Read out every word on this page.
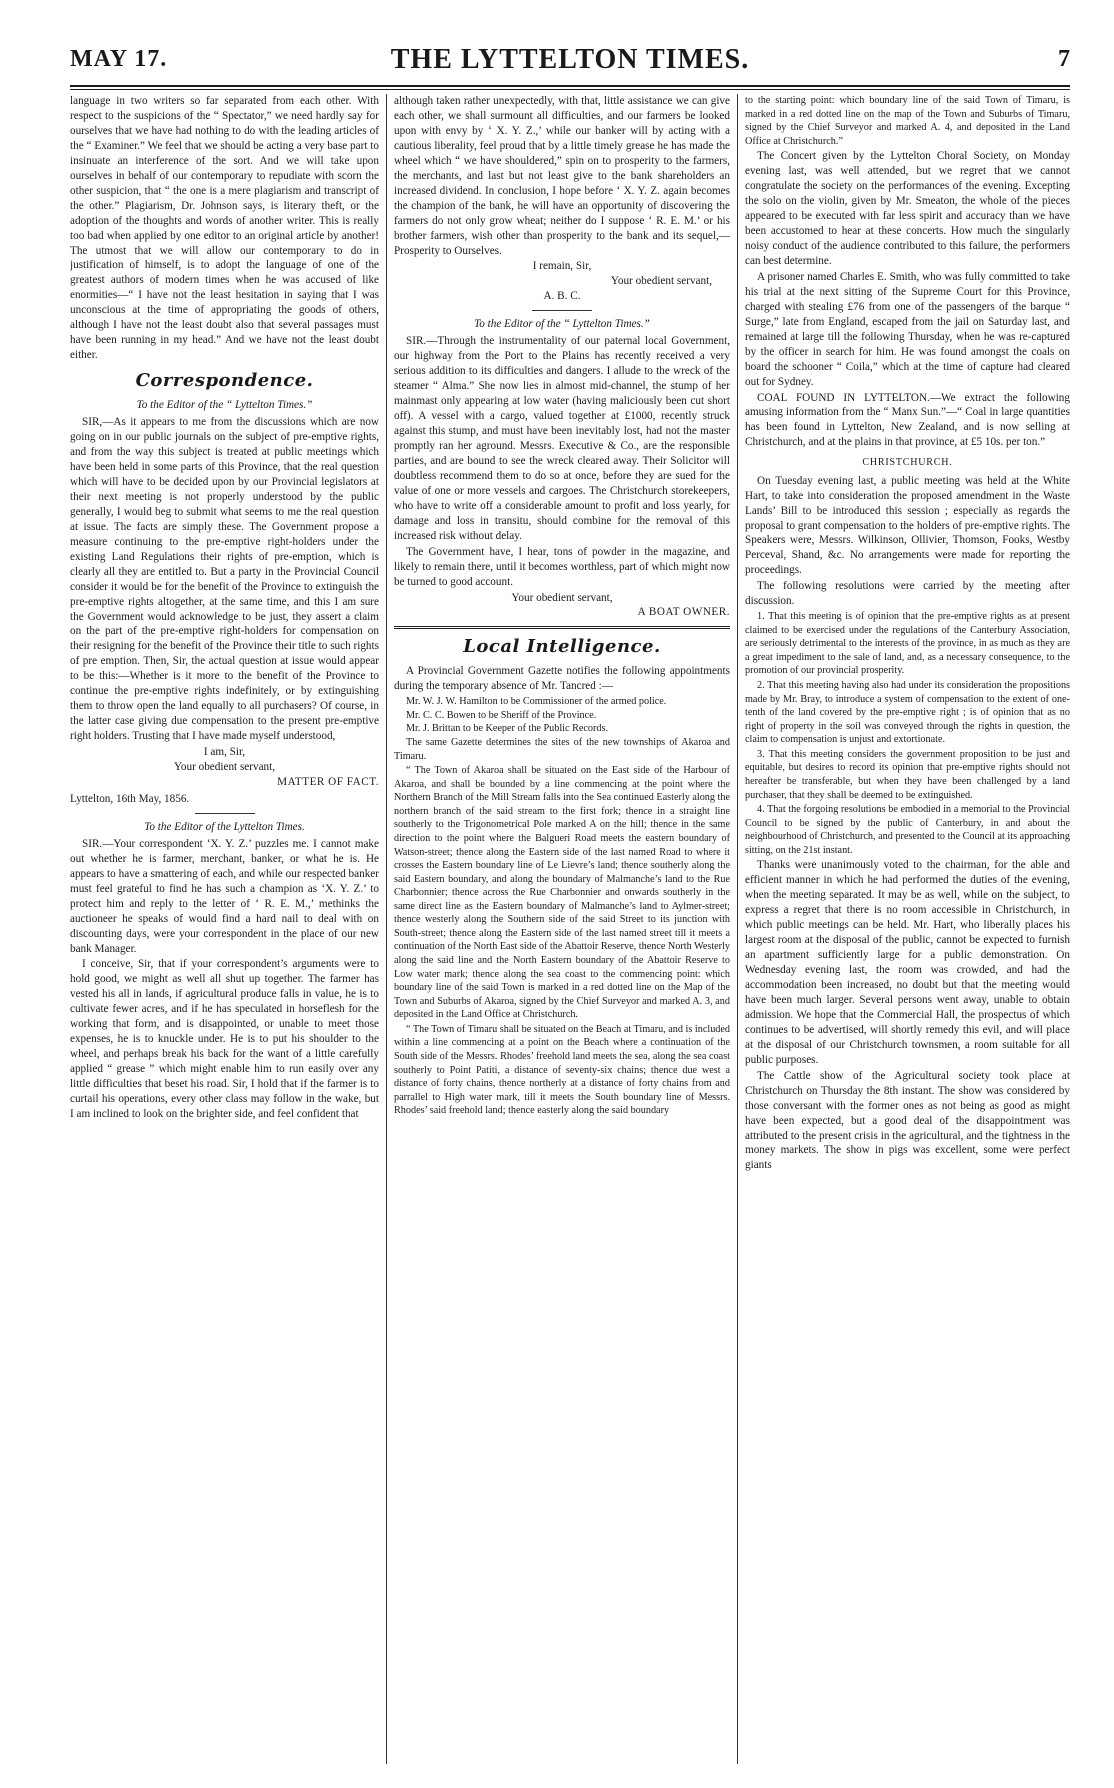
MAY 17.	THE LYTTELTON TIMES.	7

language in two writers so far separated from each other. With respect to the suspicions of the “ Spectator,” we need hardly say for ourselves that we have had nothing to do with the leading articles of the “ Examiner.” We feel that we should be acting a very base part to insinuate an interference of the sort. And we will take upon ourselves in behalf of our contemporary to repudiate with scorn the other suspicion, that “ the one is a mere plagiarism and transcript of the other.” Plagiarism, Dr. Johnson says, is literary theft, or the adoption of the thoughts and words of another writer. This is really too bad when applied by one editor to an original article by another! The utmost that we will allow our contemporary to do in justification of himself, is to adopt the language of one of the greatest authors of modern times when he was accused of like enormities—“ I have not the least hesitation in saying that I was unconscious at the time of appropriating the goods of others, although I have not the least doubt also that several passages must have been running in my head.” And we have not the least doubt either.

Correspondence.
To the Editor of the “ Lyttelton Times.”

SIR,—As it appears to me from the discussions which are now going on in our public journals on the subject of pre-emptive rights, and from the way this subject is treated at public meetings which have been held in some parts of this Province, that the real question which will have to be decided upon by our Provincial legislators at their next meeting is not properly understood by the public generally, I would beg to submit what seems to me the real question at issue. The facts are simply these. The Government propose a measure continuing to the pre-emptive right-holders under the existing Land Regulations their rights of pre-emption, which is clearly all they are entitled to. But a party in the Provincial Council consider it would be for the benefit of the Province to extinguish the pre-emptive rights altogether, at the same time, and this I am sure the Government would acknowledge to be just, they assert a claim on the part of the pre-emptive right-holders for compensation on their resigning for the benefit of the Province their title to such rights of pre emption. Then, Sir, the actual question at issue would appear to be this:—Whether is it more to the benefit of the Province to continue the pre-emptive rights indefinitely, or by extinguishing them to throw open the land equally to all purchasers? Of course, in the latter case giving due compensation to the present pre-emptive right holders. Trusting that I have made myself understood,

I am, Sir,
Your obedient servant,
MATTER OF FACT.
Lyttelton, 16th May, 1856.
To the Editor of the Lyttelton Times.

SIR.—Your correspondent ‘X. Y. Z.’ puzzles me. I cannot make out whether he is farmer, merchant, banker, or what he is. He appears to have a smattering of each, and while our respected banker must feel grateful to find he has such a champion as ‘X. Y. Z.’ to protect him and reply to the letter of ‘ R. E. M.,’ methinks the auctioneer he speaks of would find a hard nail to deal with on discounting days, were your correspondent in the place of our new bank Manager.

I conceive, Sir, that if your correspondent’s arguments were to hold good, we might as well all shut up together. The farmer has vested his all in lands, if agricultural produce falls in value, he is to cultivate fewer acres, and if he has speculated in horseflesh for the working that form, and is disappointed, or unable to meet those expenses, he is to knuckle under. He is to put his shoulder to the wheel, and perhaps break his back for the want of a little carefully applied “ grease ” which might enable him to run easily over any little difficulties that beset his road. Sir, I hold that if the farmer is to curtail his operations, every other class may follow in the wake, but I am inclined to look on the brighter side, and feel confident that

although taken rather unexpectedly, with that, little assistance we can give each other, we shall surmount all difficulties, and our farmers be looked upon with envy by ‘ X. Y. Z.,’ while our banker will by acting with a cautious liberality, feel proud that by a little timely grease he has made the wheel which “ we have shouldered,” spin on to prosperity to the farmers, the merchants, and last but not least give to the bank shareholders an increased dividend. In conclusion, I hope before ‘ X. Y. Z. again becomes the champion of the bank, he will have an opportunity of discovering the farmers do not only grow wheat; neither do I suppose ‘ R. E. M.’ or his brother farmers, wish other than prosperity to the bank and its sequel,—Prosperity to Ourselves.

I remain, Sir,
Your obedient servant,
A. B. C.
To the Editor of the “ Lyttelton Times.”

SIR.—Through the instrumentality of our paternal local Government, our highway from the Port to the Plains has recently received a very serious addition to its difficulties and dangers. I allude to the wreck of the steamer “ Alma.” She now lies in almost mid-channel, the stump of her mainmast only appearing at low water (having maliciously been cut short off). A vessel with a cargo, valued together at £1000, recently struck against this stump, and must have been inevitably lost, had not the master promptly ran her aground. Messrs. Executive & Co., are the responsible parties, and are bound to see the wreck cleared away. Their Solicitor will doubtless recommend them to do so at once, before they are sued for the value of one or more vessels and cargoes. The Christchurch storekeepers, who have to write off a considerable amount to profit and loss yearly, for damage and loss in transitu, should combine for the removal of this increased risk without delay.

The Government have, I hear, tons of powder in the magazine, and likely to remain there, until it becomes worthless, part of which might now be turned to good account.

Your obedient servant,
A BOAT OWNER.
Local Intelligence.

A Provincial Government Gazette notifies the following appointments during the temporary absence of Mr. Tancred :—

Mr. W. J. W. Hamilton to be Commissioner of the armed police.

Mr. C. C. Bowen to be Sheriff of the Province.

Mr. J. Brittan to be Keeper of the Public Records.

The same Gazette determines the sites of the new townships of Akaroa and Timaru.

“ The Town of Akaroa shall be situated on the East side of the Harbour of Akaroa, and shall be bounded by a line commencing at the point where the Northern Branch of the Mill Stream falls into the Sea continued Easterly along the northern branch of the said stream to the first fork; thence in a straight line southerly to the Trigonometrical Pole marked A on the hill; thence in the same direction to the point where the Balgueri Road meets the eastern boundary of Watson-street; thence along the Eastern side of the last named Road to where it crosses the Eastern boundary line of Le Lievre’s land; thence southerly along the said Eastern boundary, and along the boundary of Malmanche’s land to the Rue Charbonnier; thence across the Rue Charbonnier and onwards southerly in the same direct line as the Eastern boundary of Malmanche’s land to Aylmer-street; thence westerly along the Southern side of the said Street to its junction with South-street; thence along the Eastern side of the last named street till it meets a continuation of the North East side of the Abattoir Reserve, thence North Westerly along the said line and the North Eastern boundary of the Abattoir Reserve to Low water mark; thence along the sea coast to the commencing point: which boundary line of the said Town is marked in a red dotted line on the Map of the Town and Suburbs of Akaroa, signed by the Chief Surveyor and marked A. 3, and deposited in the Land Office at Christchurch.

“ The Town of Timaru shall be situated on the Beach at Timaru, and is included within a line commencing at a point on the Beach where a continuation of the South side of the Messrs. Rhodes’ freehold land meets the sea, along the sea coast southerly to Point Patiti, a distance of seventy-six chains; thence due west a distance of forty chains, thence northerly at a distance of forty chains from and parrallel to High water mark, till it meets the South boundary line of Messrs. Rhodes’ said freehold land; thence easterly along the said boundary

to the starting point: which boundary line of the said Town of Timaru, is marked in a red dotted line on the map of the Town and Suburbs of Timaru, signed by the Chief Surveyor and marked A. 4, and deposited in the Land Office at Christchurch.”

The Concert given by the Lyttelton Choral Society, on Monday evening last, was well attended, but we regret that we cannot congratulate the society on the performances of the evening. Excepting the solo on the violin, given by Mr. Smeaton, the whole of the pieces appeared to be executed with far less spirit and accuracy than we have been accustomed to hear at these concerts. How much the singularly noisy conduct of the audience contributed to this failure, the performers can best determine.

A prisoner named Charles E. Smith, who was fully committed to take his trial at the next sitting of the Supreme Court for this Province, charged with stealing £76 from one of the passengers of the barque “ Surge,” late from England, escaped from the jail on Saturday last, and remained at large till the following Thursday, when he was re-captured by the officer in search for him. He was found amongst the coals on board the schooner “ Coila,” which at the time of capture had cleared out for Sydney.

COAL FOUND IN LYTTELTON.—We extract the following amusing information from the “ Manx Sun.”—“ Coal in large quantities has been found in Lyttelton, New Zealand, and is now selling at Christchurch, and at the plains in that province, at £5 10s. per ton.”

CHRISTCHURCH.

On Tuesday evening last, a public meeting was held at the White Hart, to take into consideration the proposed amendment in the Waste Lands’ Bill to be introduced this session ; especially as regards the proposal to grant compensation to the holders of pre-emptive rights. The Speakers were, Messrs. Wilkinson, Ollivier, Thomson, Fooks, Westby Perceval, Shand, &c. No arrangements were made for reporting the proceedings.

The following resolutions were carried by the meeting after discussion.

1. That this meeting is of opinion that the pre-emptive rights as at present claimed to be exercised under the regulations of the Canterbury Association, are seriously detrimental to the interests of the province, in as much as they are a great impediment to the sale of land, and, as a necessary consequence, to the promotion of our provincial prosperity.

2. That this meeting having also had under its consideration the propositions made by Mr. Bray, to introduce a system of compensation to the extent of one-tenth of the land covered by the pre-emptive right ; is of opinion that as no right of property in the soil was conveyed through the rights in question, the claim to compensation is unjust and extortionate.

3. That this meeting considers the government proposition to be just and equitable, but desires to record its opinion that pre-emptive rights should not hereafter be transferable, but when they have been challenged by a land purchaser, that they shall be deemed to be extinguished.

4. That the forgoing resolutions be embodied in a memorial to the Provincial Council to be signed by the public of Canterbury, in and about the neighbourhood of Christchurch, and presented to the Council at its approaching sitting, on the 21st instant.

Thanks were unanimously voted to the chairman, for the able and efficient manner in which he had performed the duties of the evening, when the meeting separated. It may be as well, while on the subject, to express a regret that there is no room accessible in Christchurch, in which public meetings can be held. Mr. Hart, who liberally places his largest room at the disposal of the public, cannot be expected to furnish an apartment sufficiently large for a public demonstration. On Wednesday evening last, the room was crowded, and had the accommodation been increased, no doubt but that the meeting would have been much larger. Several persons went away, unable to obtain admission. We hope that the Commercial Hall, the prospectus of which continues to be advertised, will shortly remedy this evil, and will place at the disposal of our Christchurch townsmen, a room suitable for all public purposes.

The Cattle show of the Agricultural society took place at Christchurch on Thursday the 8th instant. The show was considered by those conversant with the former ones as not being as good as might have been expected, but a good deal of the disappointment was attributed to the present crisis in the agricultural, and the tightness in the money markets. The show in pigs was excellent, some were perfect giants
